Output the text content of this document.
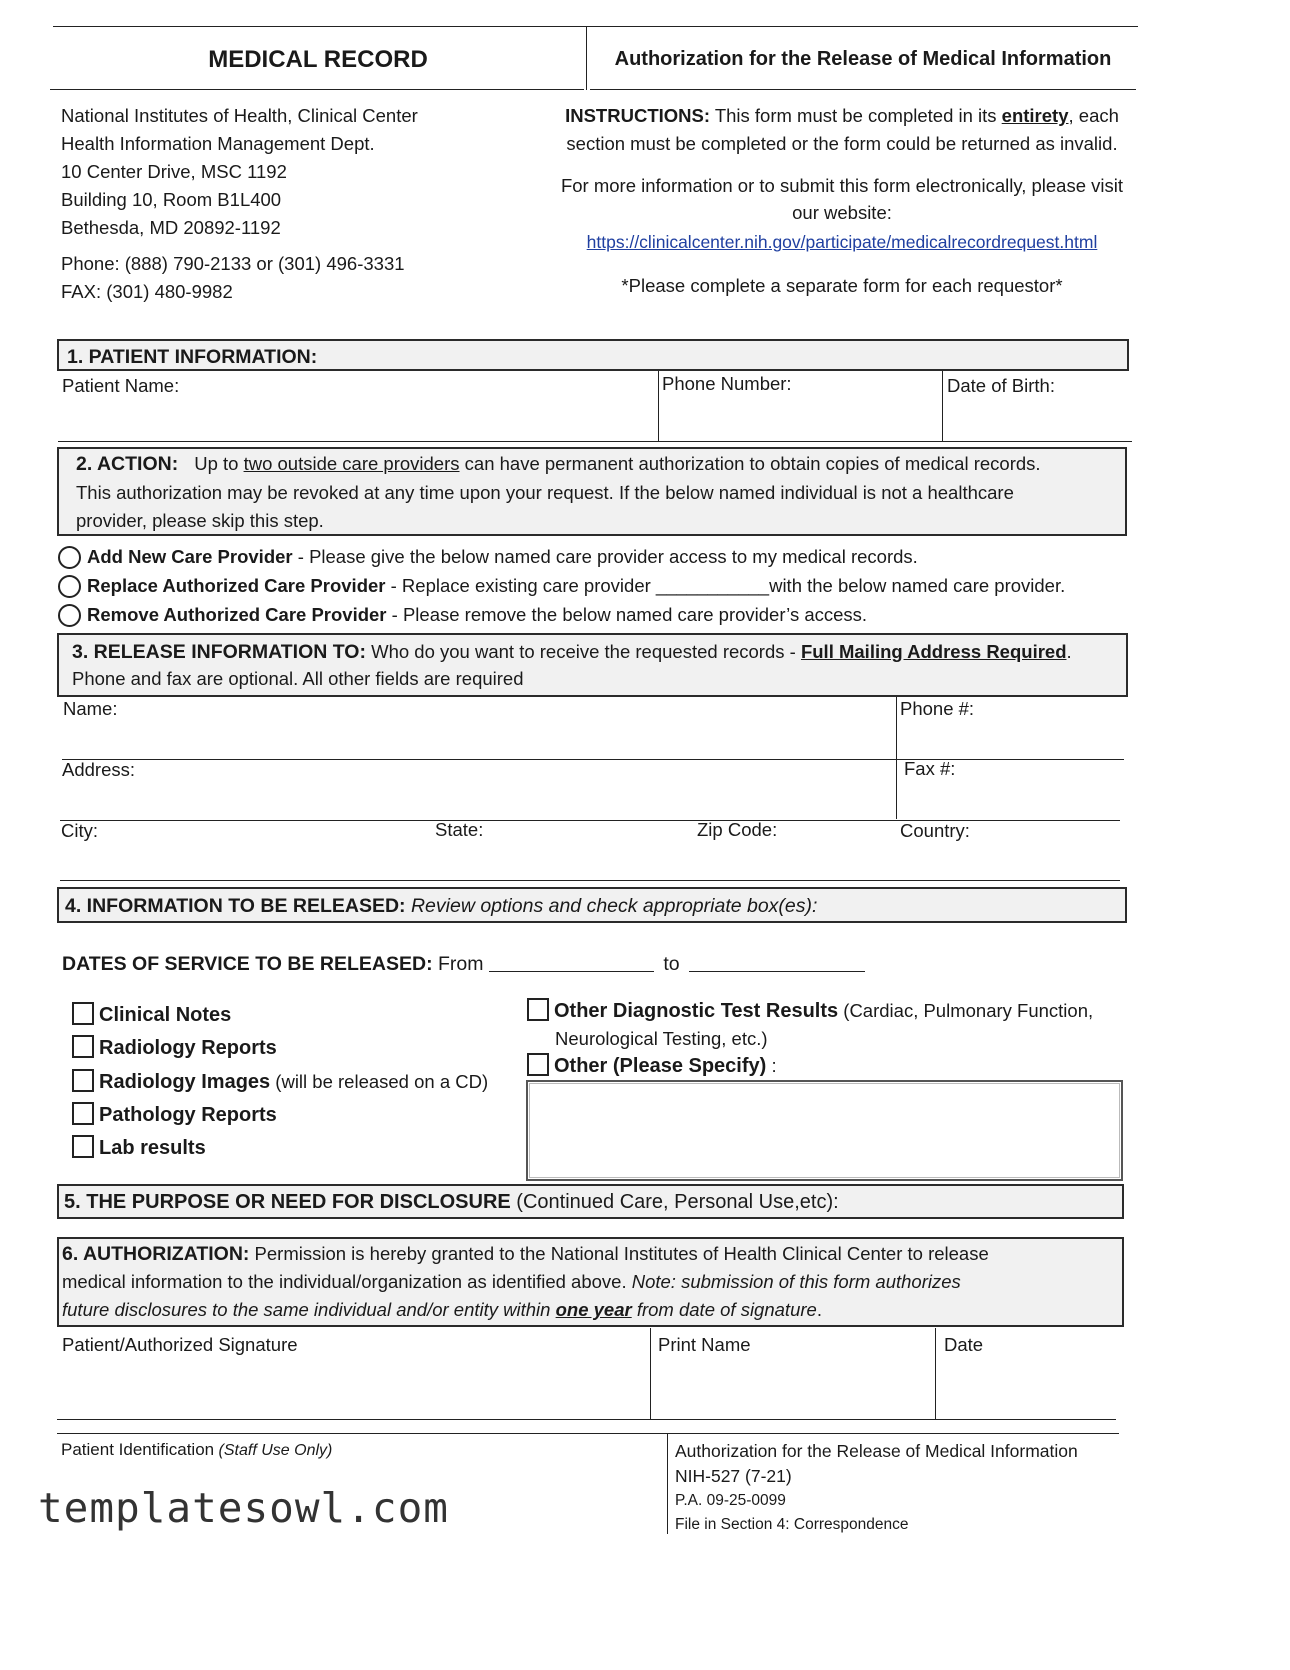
MEDICAL RECORD	Authorization for the Release of Medical Information
National Institutes of Health, Clinical Center
Health Information Management Dept.
10 Center Drive, MSC 1192
Building 10, Room B1L400
Bethesda, MD 20892-1192
Phone: (888) 790-2133 or (301) 496-3331
FAX: (301) 480-9982
INSTRUCTIONS: This form must be completed in its entirety, each section must be completed or the form could be returned as invalid.
For more information or to submit this form electronically, please visit our website:
https://clinicalcenter.nih.gov/participate/medicalrecordrequest.html
*Please complete a separate form for each requestor*
1. PATIENT INFORMATION:
Patient Name:	Phone Number:	Date of Birth:
2. ACTION: Up to two outside care providers can have permanent authorization to obtain copies of medical records.
This authorization may be revoked at any time upon your request. If the below named individual is not a healthcare
provider, please skip this step.
Add New Care Provider - Please give the below named care provider access to my medical records.
Replace Authorized Care Provider - Replace existing care provider ___________with the below named care provider.
Remove Authorized Care Provider - Please remove the below named care provider’s access.
3. RELEASE INFORMATION TO: Who do you want to receive the requested records - Full Mailing Address Required.
Phone and fax are optional. All other fields are required
Name:	Phone #:
Address:	Fax #:
City:	State:	Zip Code:	Country:
4. INFORMATION TO BE RELEASED: Review options and check appropriate box(es):
DATES OF SERVICE TO BE RELEASED: From	to
Clinical Notes
Radiology Reports
Radiology Images (will be released on a CD)
Pathology Reports
Lab results
Other Diagnostic Test Results (Cardiac, Pulmonary Function,
Neurological Testing, etc.)
Other (Please Specify) :
5. THE PURPOSE OR NEED FOR DISCLOSURE (Continued Care, Personal Use,etc):
6. AUTHORIZATION: Permission is hereby granted to the National Institutes of Health Clinical Center to release
medical information to the individual/organization as identified above. Note: submission of this form authorizes
future disclosures to the same individual and/or entity within one year from date of signature.
Patient/Authorized Signature	Print Name	Date
Patient Identification (Staff Use Only)	Authorization for the Release of Medical Information
NIH-527 (7-21)
P.A. 09-25-0099
File in Section 4: Correspondence
templatesowl.com
